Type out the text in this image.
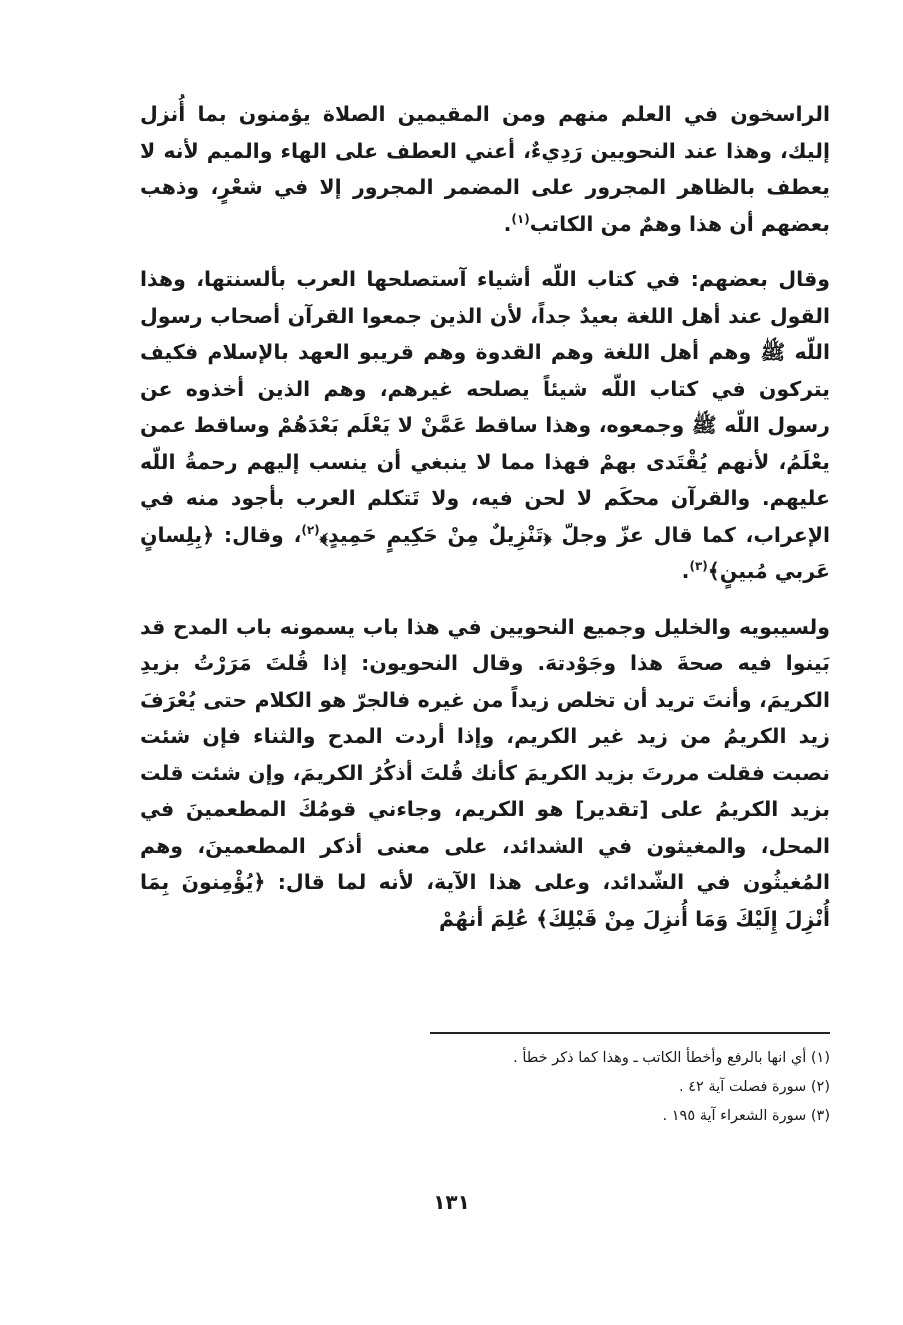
الراسخون في العلم منهم ومن المقيمين الصلاة يؤمنون بما أُنزل إليك، وهذا عند النحويين رَدِيءٌ، أعني العطف على الهاء والميم لأنه لا يعطف بالظاهر المجرور على المضمر المجرور إلا في شعْرٍ، وذهب بعضهم أن هذا وهمٌ من الكاتب$^{(١)}$.

وقال بعضهم: في كتاب اللّه أشياء آستصلحها العرب بألسنتها، وهذا القول عند أهل اللغة بعيدٌ جداً، لأن الذين جمعوا القرآن أصحاب رسول اللّه ﷺ وهم أهل اللغة وهم القدوة وهم قريبو العهد بالإسلام فكيف يتركون في كتاب اللّه شيئاً يصلحه غيرهم، وهم الذين أخذوه عن رسول اللّه ﷺ وجمعوه، وهذا ساقط عَمَّنْ لا يَعْلَم بَعْدَهُمْ وساقط عمن يعْلَمُ، لأنهم يُقْتَدى بهمْ فهذا مما لا ينبغي أن ينسب إليهم رحمةُ اللّه عليهم. والقرآن محكَم لا لحن فيه، ولا تَتكلم العرب بأجود منه في الإعراب، كما قال عزّ وجلّ ﴿تَنْزِيلٌ مِنْ حَكِيمٍ حَمِيدٍ﴾$^{(٢)}$، وقال: ﴿بِلِسانٍ عَربي مُبينٍ﴾$^{(٣)}$.

ولسيبويه والخليل وجميع النحويين في هذا باب يسمونه باب المدح قد بَينوا فيه صحةَ هذا وجَوْدتهَ. وقال النحويون: إذا قُلتَ مَرَرْتُ بزيدِ الكريمَ، وأنتَ تريد أن تخلص زيداً من غيره فالجرّ هو الكلام حتى يُعْرَفَ زيد الكريمُ من زيد غير الكريم، وإذا أردت المدح والثناء فإن شئت نصبت فقلت مررتَ بزيد الكريمَ كأنك قُلتَ أذكُرُ الكريمَ، وإن شئت قلت بزيد الكريمُ على [تقدير] هو الكريم، وجاءني قومُكَ المطعمينَ في المحل، والمغيثون في الشدائد، على معنى أذكر المطعمينَ، وهم المُغيثُون في الشّدائد، وعلى هذا الآية، لأنه لما قال: ﴿يُؤْمِنونَ بِمَا أُنْزِلَ إِلَيْكَ وَمَا أُنزِلَ مِنْ قَبْلِكَ﴾ عُلِمَ أنهُمْ

(١) أي انها بالرفع وأخطأ الكاتب ـ وهذا كما ذكر خطأ .

(٢) سورة فصلت آية ٤٢ .

(٣) سورة الشعراء آية ١٩٥ .

١٣١
